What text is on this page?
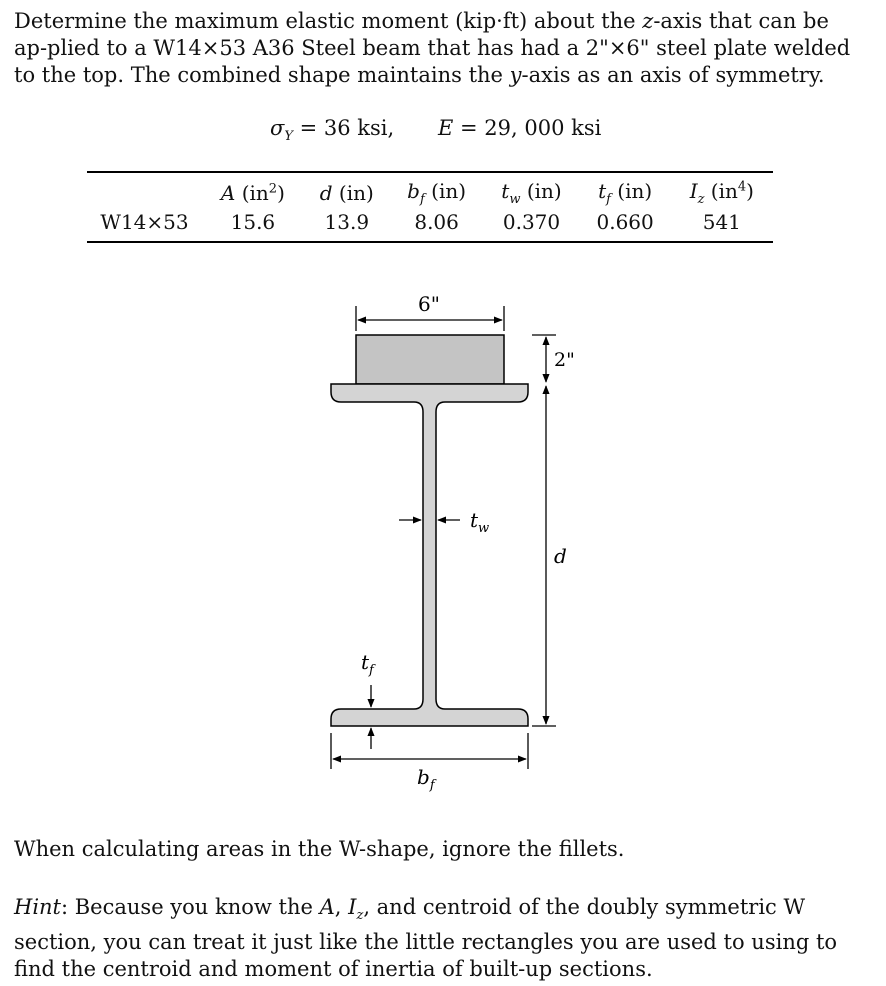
Determine the maximum elastic moment (kip·ft) about the z-axis that can be ap-plied to a W14×53 A36 Steel beam that has had a 2"×6" steel plate welded to the top. The combined shape maintains the y-axis as an axis of symmetry.
$\sigma_Y = 36$ ksi, E = 29, 000 ksi
	A $(in^2)$	d (in)	$b_f$ (in)	$t_w$ (in)	$t_f$ (in)	$I_z$ $(in^4)$
W14×53	15.6	13.9	8.06	0.370	0.660	541
6"
2"
d
$t_w$
$t_f$
$b_f$
When calculating areas in the W-shape, ignore the fillets.
Hint: Because you know the A, $I_z$, and centroid of the doubly symmetric W section, you can treat it just like the little rectangles you are used to using to find the centroid and moment of inertia of built-up sections.
